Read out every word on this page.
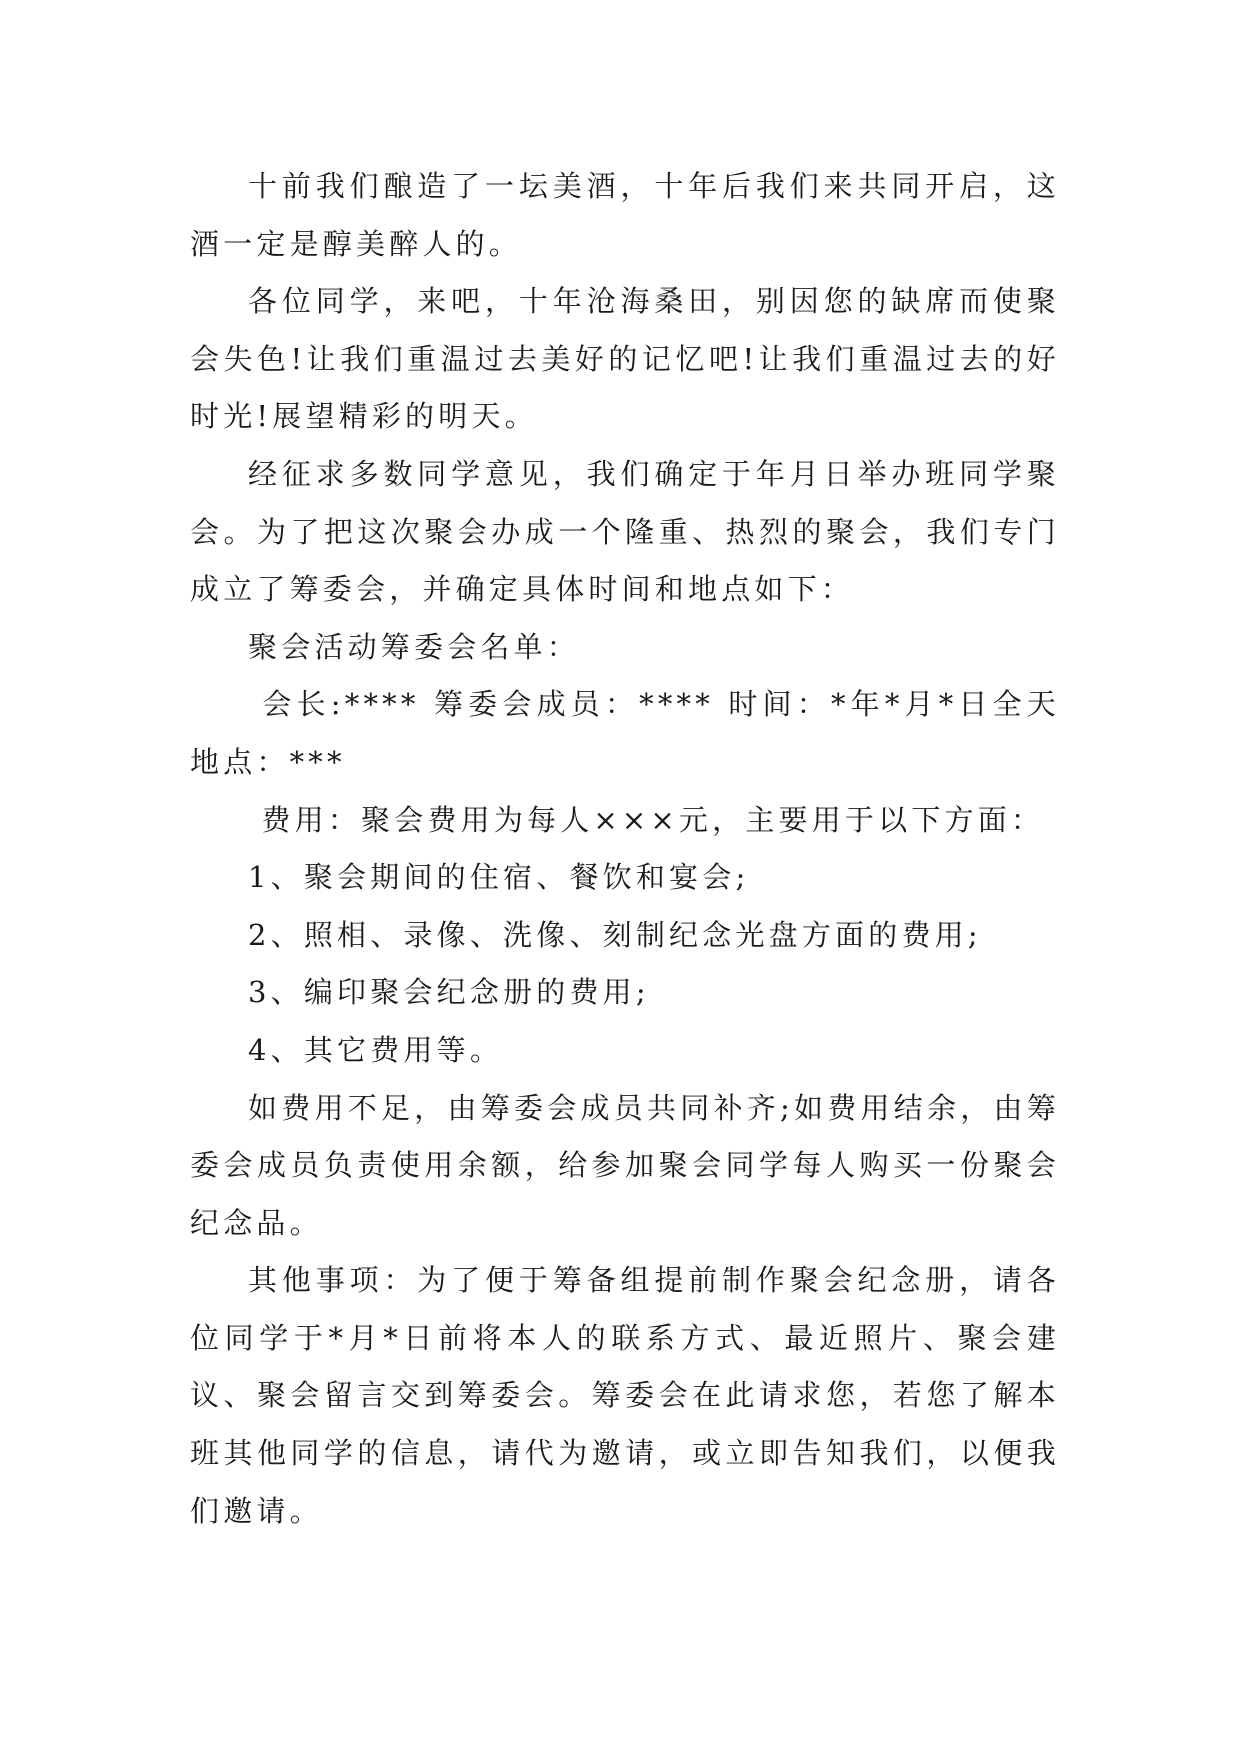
十前我们酿造了一坛美酒，十年后我们来共同开启，这酒一定是醇美醉人的。

各位同学，来吧，十年沧海桑田，别因您的缺席而使聚会失色!让我们重温过去美好的记忆吧!让我们重温过去的好时光!展望精彩的明天。

经征求多数同学意见，我们确定于年月日举办班同学聚会。为了把这次聚会办成一个隆重、热烈的聚会，我们专门成立了筹委会，并确定具体时间和地点如下：

聚会活动筹委会名单：

会长:**** 筹委会成员：**** 时间：*年*月*日全天地点：***

费用：聚会费用为每人×××元，主要用于以下方面：

1、聚会期间的住宿、餐饮和宴会;

2、照相、录像、洗像、刻制纪念光盘方面的费用;

3、编印聚会纪念册的费用;

4、其它费用等。

如费用不足，由筹委会成员共同补齐;如费用结余，由筹委会成员负责使用余额，给参加聚会同学每人购买一份聚会纪念品。

其他事项：为了便于筹备组提前制作聚会纪念册，请各位同学于*月*日前将本人的联系方式、最近照片、聚会建议、聚会留言交到筹委会。筹委会在此请求您，若您了解本班其他同学的信息，请代为邀请，或立即告知我们，以便我们邀请。
